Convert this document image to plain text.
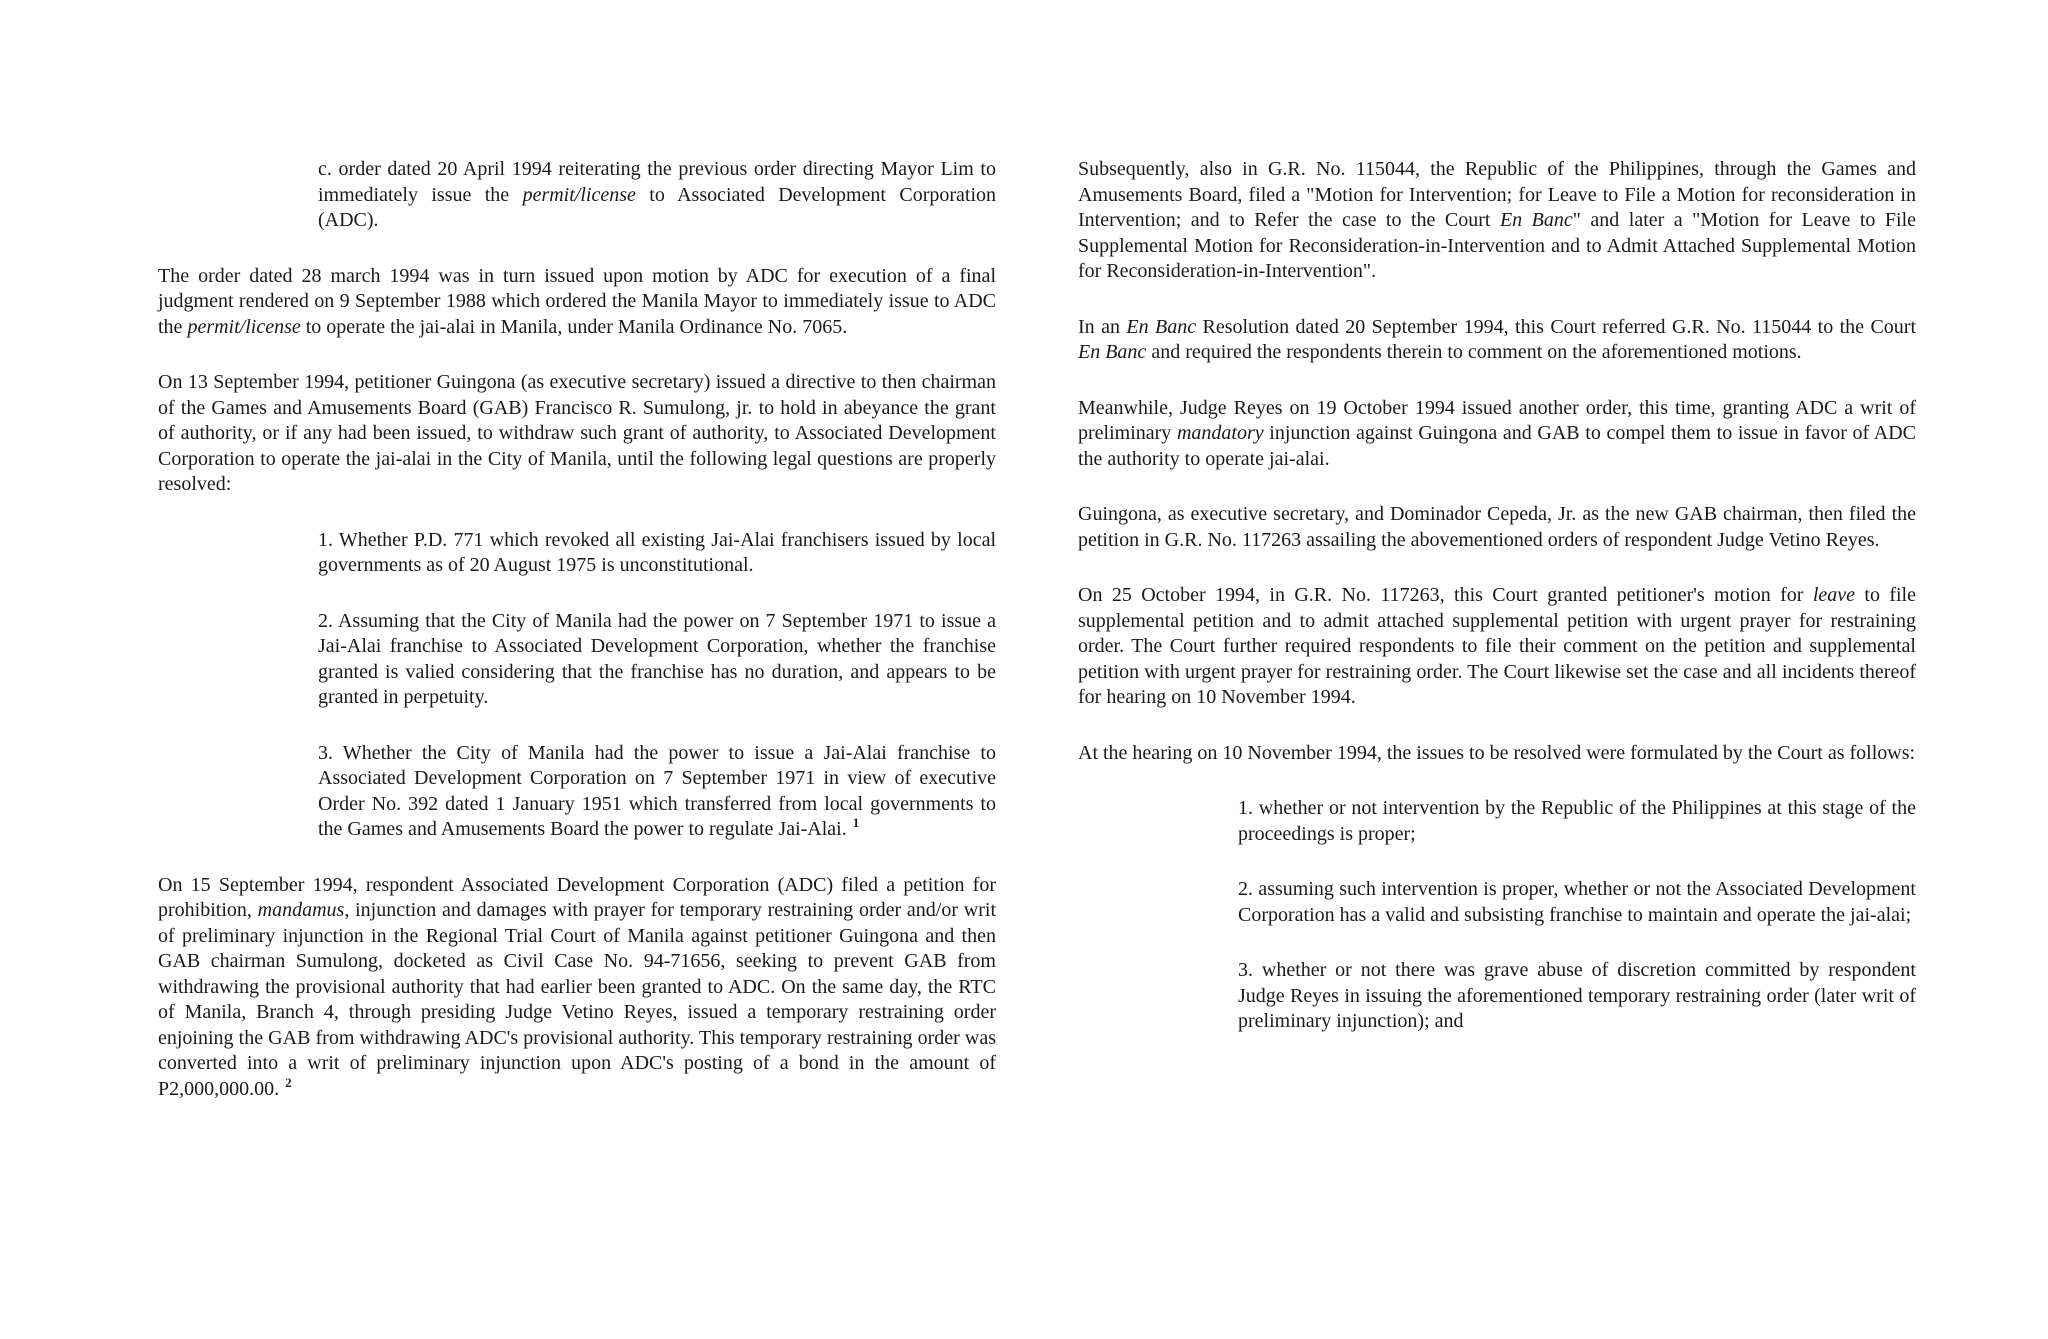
c. order dated 20 April 1994 reiterating the previous order directing Mayor Lim to immediately issue the permit/license to Associated Development Corporation (ADC).

The order dated 28 march 1994 was in turn issued upon motion by ADC for execution of a final judgment rendered on 9 September 1988 which ordered the Manila Mayor to immediately issue to ADC the permit/license to operate the jai-alai in Manila, under Manila Ordinance No. 7065.

On 13 September 1994, petitioner Guingona (as executive secretary) issued a directive to then chairman of the Games and Amusements Board (GAB) Francisco R. Sumulong, jr. to hold in abeyance the grant of authority, or if any had been issued, to withdraw such grant of authority, to Associated Development Corporation to operate the jai-alai in the City of Manila, until the following legal questions are properly resolved:

1. Whether P.D. 771 which revoked all existing Jai-Alai franchisers issued by local governments as of 20 August 1975 is unconstitutional.

2. Assuming that the City of Manila had the power on 7 September 1971 to issue a Jai-Alai franchise to Associated Development Corporation, whether the franchise granted is valied considering that the franchise has no duration, and appears to be granted in perpetuity.

3. Whether the City of Manila had the power to issue a Jai-Alai franchise to Associated Development Corporation on 7 September 1971 in view of executive Order No. 392 dated 1 January 1951 which transferred from local governments to the Games and Amusements Board the power to regulate Jai-Alai. $^1$

On 15 September 1994, respondent Associated Development Corporation (ADC) filed a petition for prohibition, mandamus, injunction and damages with prayer for temporary restraining order and/or writ of preliminary injunction in the Regional Trial Court of Manila against petitioner Guingona and then GAB chairman Sumulong, docketed as Civil Case No. 94-71656, seeking to prevent GAB from withdrawing the provisional authority that had earlier been granted to ADC. On the same day, the RTC of Manila, Branch 4, through presiding Judge Vetino Reyes, issued a temporary restraining order enjoining the GAB from withdrawing ADC's provisional authority. This temporary restraining order was converted into a writ of preliminary injunction upon ADC's posting of a bond in the amount of P2,000,000.00. $^2$

Subsequently, also in G.R. No. 115044, the Republic of the Philippines, through the Games and Amusements Board, filed a "Motion for Intervention; for Leave to File a Motion for reconsideration in Intervention; and to Refer the case to the Court En Banc" and later a "Motion for Leave to File Supplemental Motion for Reconsideration-in-Intervention and to Admit Attached Supplemental Motion for Reconsideration-in-Intervention".

In an En Banc Resolution dated 20 September 1994, this Court referred G.R. No. 115044 to the Court En Banc and required the respondents therein to comment on the aforementioned motions.

Meanwhile, Judge Reyes on 19 October 1994 issued another order, this time, granting ADC a writ of preliminary mandatory injunction against Guingona and GAB to compel them to issue in favor of ADC the authority to operate jai-alai.

Guingona, as executive secretary, and Dominador Cepeda, Jr. as the new GAB chairman, then filed the petition in G.R. No. 117263 assailing the abovementioned orders of respondent Judge Vetino Reyes.

On 25 October 1994, in G.R. No. 117263, this Court granted petitioner's motion for leave to file supplemental petition and to admit attached supplemental petition with urgent prayer for restraining order. The Court further required respondents to file their comment on the petition and supplemental petition with urgent prayer for restraining order. The Court likewise set the case and all incidents thereof for hearing on 10 November 1994.

At the hearing on 10 November 1994, the issues to be resolved were formulated by the Court as follows:

1. whether or not intervention by the Republic of the Philippines at this stage of the proceedings is proper;

2. assuming such intervention is proper, whether or not the Associated Development Corporation has a valid and subsisting franchise to maintain and operate the jai-alai;

3. whether or not there was grave abuse of discretion committed by respondent Judge Reyes in issuing the aforementioned temporary restraining order (later writ of preliminary injunction); and
